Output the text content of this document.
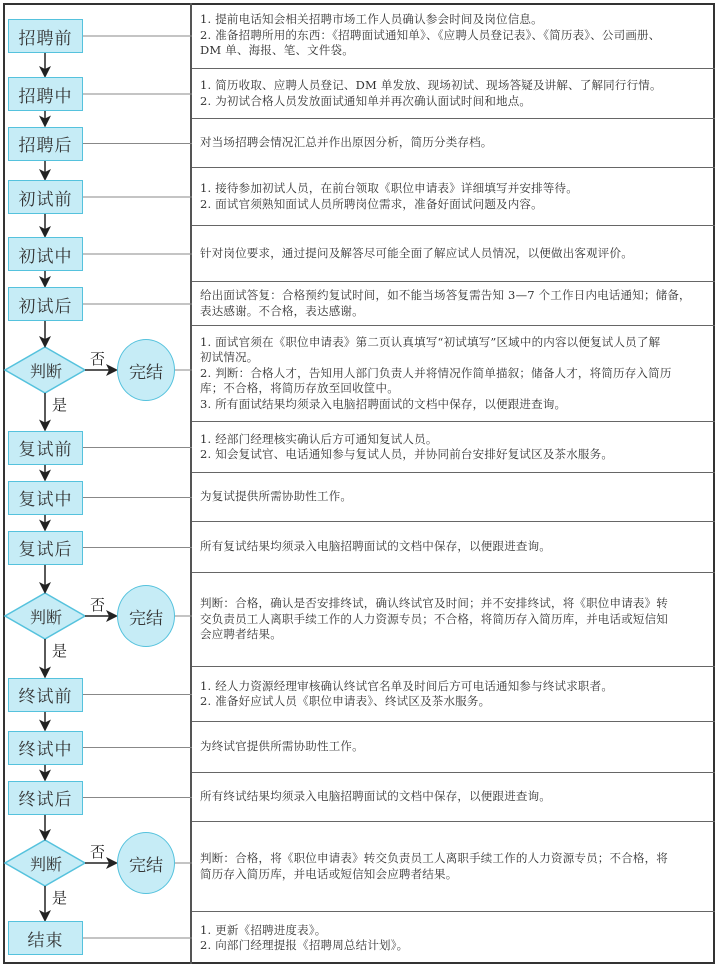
招聘前
招聘中
招聘后
初试前
初试中
初试后
判断
否
完结
是
复试前
复试中
复试后
判断
否
完结
是
终试前
终试中
终试后
判断
否
完结
是
结束
1. 提前电话知会相关招聘市场工作人员确认参会时间及岗位信息。
2. 准备招聘所用的东西：《招聘面试通知单》、《应聘人员登记表》、《简历表》、公司画册、
DM 单、海报、笔、文件袋。
1. 简历收取、应聘人员登记、DM 单发放、现场初试、现场答疑及讲解、了解同行行情。
2. 为初试合格人员发放面试通知单并再次确认面试时间和地点。
对当场招聘会情况汇总并作出原因分析，简历分类存档。
1. 接待参加初试人员，在前台领取《职位申请表》详细填写并安排等待。
2. 面试官须熟知面试人员所聘岗位需求，准备好面试问题及内容。
针对岗位要求，通过提问及解答尽可能全面了解应试人员情况，以便做出客观评价。
给出面试答复：合格预约复试时间，如不能当场答复需告知 3—7 个工作日内电话通知；储备，
表达感谢。不合格，表达感谢。
1. 面试官须在《职位申请表》第二页认真填写“初试填写”区域中的内容以便复试人员了解
初试情况。
2. 判断：合格人才，告知用人部门负责人并将情况作简单描叙；储备人才，将简历存入简历
库；不合格，将简历存放至回收筐中。
3. 所有面试结果均须录入电脑招聘面试的文档中保存，以便跟进查询。
1. 经部门经理核实确认后方可通知复试人员。
2. 知会复试官、电话通知参与复试人员，并协同前台安排好复试区及茶水服务。
为复试提供所需协助性工作。
所有复试结果均须录入电脑招聘面试的文档中保存，以便跟进查询。
判断：合格，确认是否安排终试，确认终试官及时间；并不安排终试，将《职位申请表》转
交负责员工人离职手续工作的人力资源专员；不合格，将简历存入简历库，并电话或短信知
会应聘者结果。
1. 经人力资源经理审核确认终试官名单及时间后方可电话通知参与终试求职者。
2. 准备好应试人员《职位申请表》、终试区及茶水服务。
为终试官提供所需协助性工作。
所有终试结果均须录入电脑招聘面试的文档中保存，以便跟进查询。
判断：合格，将《职位申请表》转交负责员工人离职手续工作的人力资源专员；不合格，将
简历存入简历库，并电话或短信知会应聘者结果。
1. 更新《招聘进度表》。
2. 向部门经理提报《招聘周总结计划》。
